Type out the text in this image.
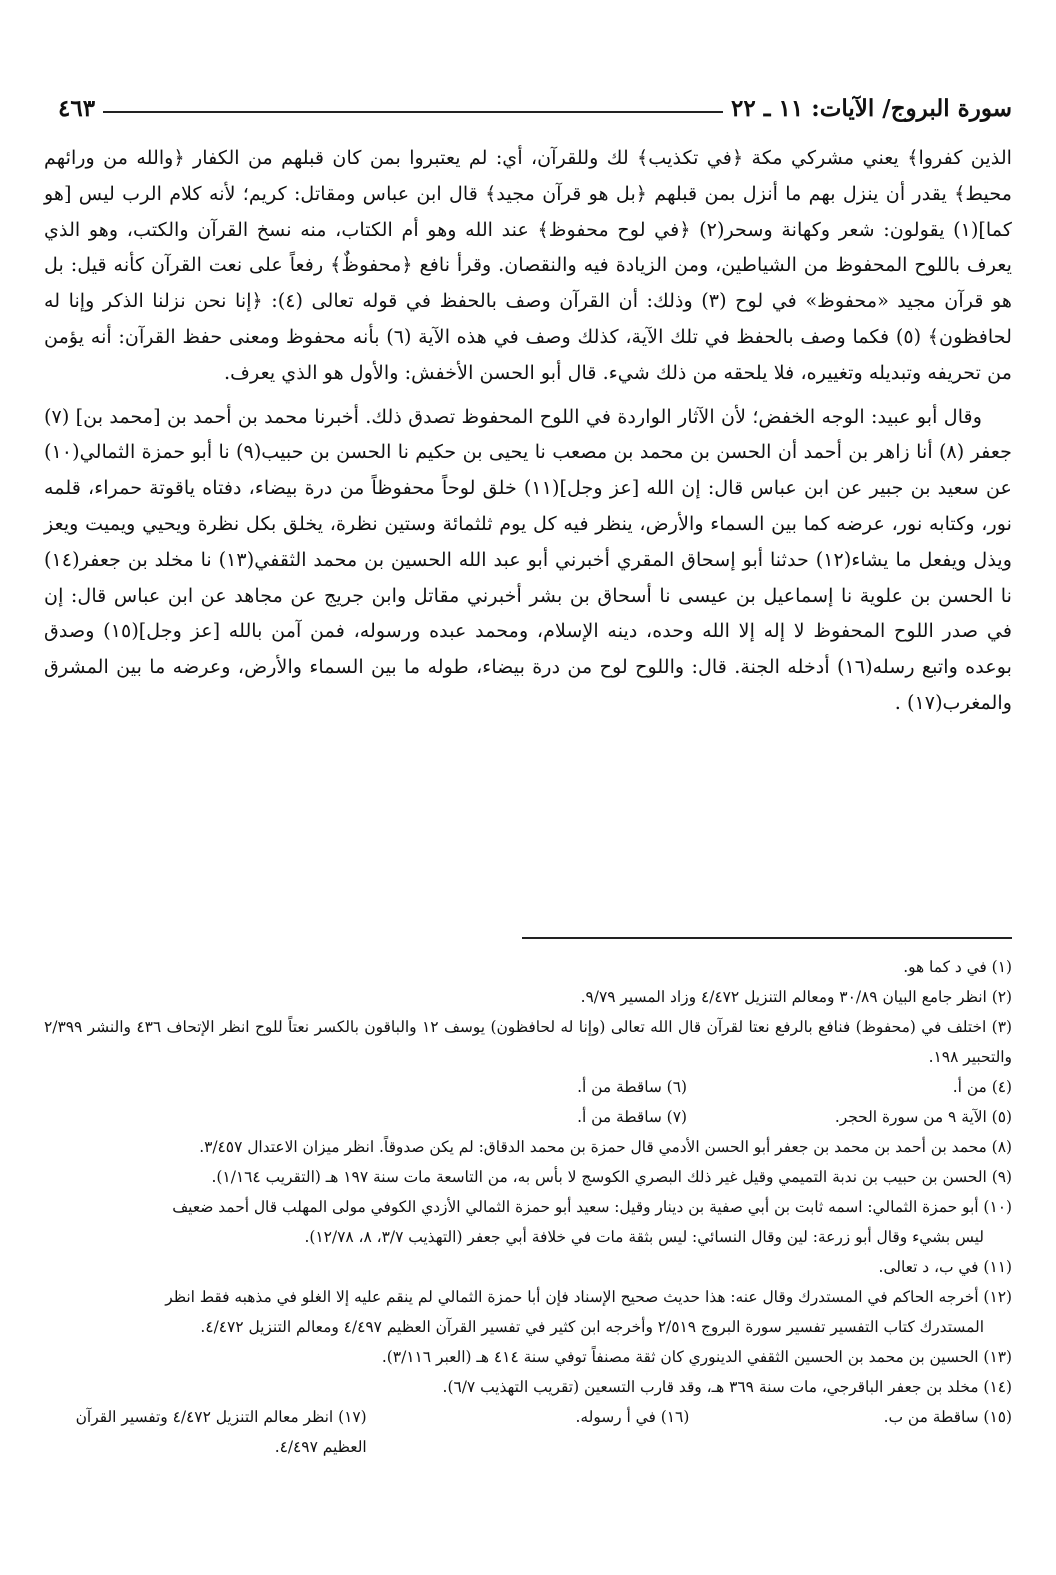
سورة البروج/ الآيات: ١١ ـ ٢٢
٤٦٣

الذين كفروا﴾ يعني مشركي مكة ﴿في تكذيب﴾ لك وللقرآن، أي: لم يعتبروا بمن كان قبلهم من الكفار ﴿والله من ورائهم محيط﴾ يقدر أن ينزل بهم ما أنزل بمن قبلهم ﴿بل هو قرآن مجيد﴾ قال ابن عباس ومقاتل: كريم؛ لأنه كلام الرب ليس [هو كما](١) يقولون: شعر وكهانة وسحر(٢) ﴿في لوح محفوظ﴾ عند الله وهو أم الكتاب، منه نسخ القرآن والكتب، وهو الذي يعرف باللوح المحفوظ من الشياطين، ومن الزيادة فيه والنقصان. وقرأ نافع ﴿محفوظٌ﴾ رفعاً على نعت القرآن كأنه قيل: بل هو قرآن مجيد «محفوظ» في لوح (٣) وذلك: أن القرآن وصف بالحفظ في قوله تعالى (٤): ﴿إنا نحن نزلنا الذكر وإنا له لحافظون﴾ (٥) فكما وصف بالحفظ في تلك الآية، كذلك وصف في هذه الآية (٦) بأنه محفوظ ومعنى حفظ القرآن: أنه يؤمن من تحريفه وتبديله وتغييره، فلا يلحقه من ذلك شيء. قال أبو الحسن الأخفش: والأول هو الذي يعرف.

وقال أبو عبيد: الوجه الخفض؛ لأن الآثار الواردة في اللوح المحفوظ تصدق ذلك. أخبرنا محمد بن أحمد بن [محمد بن] (٧) جعفر (٨) أنا زاهر بن أحمد أن الحسن بن محمد بن مصعب نا يحيى بن حكيم نا الحسن بن حبيب(٩) نا أبو حمزة الثمالي(١٠) عن سعيد بن جبير عن ابن عباس قال: إن الله [عز وجل](١١) خلق لوحاً محفوظاً من درة بيضاء، دفتاه ياقوتة حمراء، قلمه نور، وكتابه نور، عرضه كما بين السماء والأرض، ينظر فيه كل يوم ثلثمائة وستين نظرة، يخلق بكل نظرة ويحيي ويميت ويعز ويذل ويفعل ما يشاء(١٢) حدثنا أبو إسحاق المقري أخبرني أبو عبد الله الحسين بن محمد الثقفي(١٣) نا مخلد بن جعفر(١٤) نا الحسن بن علوية نا إسماعيل بن عيسى نا أسحاق بن بشر أخبرني مقاتل وابن جريج عن مجاهد عن ابن عباس قال: إن في صدر اللوح المحفوظ لا إله إلا الله وحده، دينه الإسلام، ومحمد عبده ورسوله، فمن آمن بالله [عز وجل](١٥) وصدق بوعده واتبع رسله(١٦) أدخله الجنة. قال: واللوح لوح من درة بيضاء، طوله ما بين السماء والأرض، وعرضه ما بين المشرق والمغرب(١٧) .

(١) في د كما هو.

(٢) انظر جامع البيان ٣٠/٨٩ ومعالم التنزيل ٤/٤٧٢ وزاد المسير ٩/٧٩.

(٣) اختلف في (محفوظ) فنافع بالرفع نعتا لقرآن قال الله تعالى (وإنا له لحافظون) يوسف ١٢ والباقون بالكسر نعتاً للوح انظر الإتحاف ٤٣٦ والنشر ٢/٣٩٩ والتحبير ١٩٨.

(٤) من أ.
(٦) ساقطة من أ.
(٥) الآية ٩ من سورة الحجر.
(٧) ساقطة من أ.

(٨) محمد بن أحمد بن محمد بن جعفر أبو الحسن الأدمي قال حمزة بن محمد الدقاق: لم يكن صدوقاً. انظر ميزان الاعتدال ٣/٤٥٧.

(٩) الحسن بن حبيب بن ندبة التميمي وقيل غير ذلك البصري الكوسج لا بأس به، من التاسعة مات سنة ١٩٧ هـ (التقريب ١/١٦٤).

(١٠) أبو حمزة الثمالي: اسمه ثابت بن أبي صفية بن دينار وقيل: سعيد أبو حمزة الثمالي الأزدي الكوفي مولى المهلب قال أحمد ضعيف

ليس بشيء وقال أبو زرعة: لين وقال النسائي: ليس بثقة مات في خلافة أبي جعفر (التهذيب ٣/٧، ٨، ١٢/٧٨).

(١١) في ب، د تعالى.

(١٢) أخرجه الحاكم في المستدرك وقال عنه: هذا حديث صحيح الإسناد فإن أبا حمزة الثمالي لم ينقم عليه إلا الغلو في مذهبه فقط انظر

المستدرك كتاب التفسير تفسير سورة البروج ٢/٥١٩ وأخرجه ابن كثير في تفسير القرآن العظيم ٤/٤٩٧ ومعالم التنزيل ٤/٤٧٢.

(١٣) الحسين بن محمد بن الحسين الثقفي الدينوري كان ثقة مصنفاً توفي سنة ٤١٤ هـ (العبر ٣/١١٦).

(١٤) مخلد بن جعفر الباقرجي، مات سنة ٣٦٩ هـ، وقد قارب التسعين (تقريب التهذيب ٦/٧).

(١٥) ساقطة من ب.
(١٦) في أ رسوله.
(١٧) انظر معالم التنزيل ٤/٤٧٢ وتفسير القرآن العظيم ٤/٤٩٧.
